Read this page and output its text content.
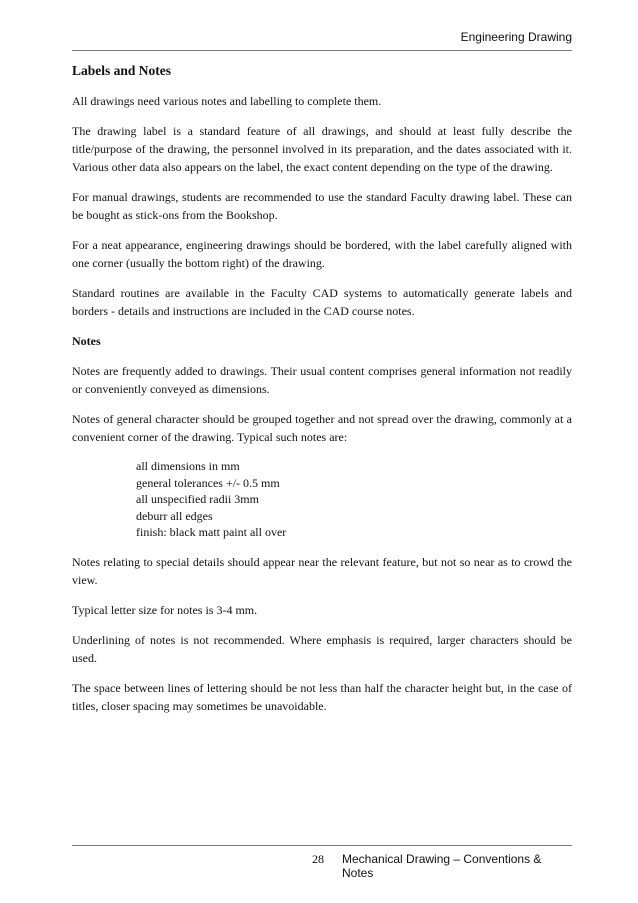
Engineering Drawing
Labels and Notes

All drawings need various notes and labelling to complete them.

The drawing label is a standard feature of all drawings, and should at least fully describe the title/purpose of the drawing, the personnel involved in its preparation, and the dates associated with it. Various other data also appears on the label, the exact content depending on the type of the drawing.

For manual drawings, students are recommended to use the standard Faculty drawing label. These can be bought as stick-ons from the Bookshop.

For a neat appearance, engineering drawings should be bordered, with the label carefully aligned with one corner (usually the bottom right) of the drawing.

Standard routines are available in the Faculty CAD systems to automatically generate labels and borders - details and instructions are included in the CAD course notes.

Notes

Notes are frequently added to drawings. Their usual content comprises general information not readily or conveniently conveyed as dimensions.

Notes of general character should be grouped together and not spread over the drawing, commonly at a convenient corner of the drawing. Typical such notes are:

all dimensions in mm
general tolerances +/- 0.5 mm
all unspecified radii 3mm
deburr all edges
finish: black matt paint all over

Notes relating to special details should appear near the relevant feature, but not so near as to crowd the view.

Typical letter size for notes is 3-4 mm.

Underlining of notes is not recommended. Where emphasis is required, larger characters should be used.

The space between lines of lettering should be not less than half the character height but, in the case of titles, closer spacing may sometimes be unavoidable.

28 Mechanical Drawing – Conventions & Notes
